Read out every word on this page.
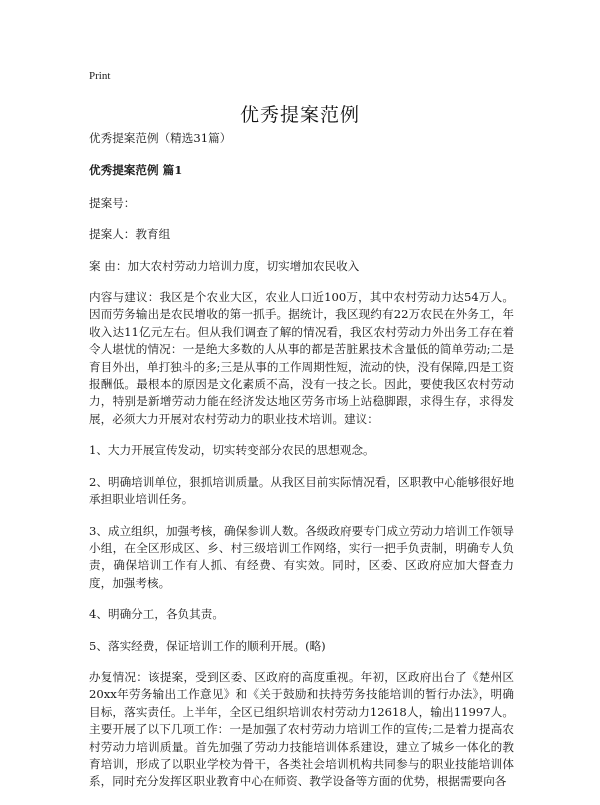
Print
优秀提案范例

优秀提案范例（精选31篇）

优秀提案范例 篇1

提案号：

提案人：教育组

案 由：加大农村劳动力培训力度，切实增加农民收入

内容与建议：我区是个农业大区，农业人口近100万，其中农村劳动力达54万人。因而劳务输出是农民增收的第一抓手。据统计，我区现约有22万农民在外务工，年收入达11亿元左右。但从我们调查了解的情况看，我区农村劳动力外出务工存在着令人堪忧的情况：一是绝大多数的人从事的都是苦脏累技术含量低的简单劳动;二是育目外出，单打独斗的多;三是从事的工作周期性短，流动的快，没有保障,四是工资报酬低。最根本的原因是文化素质不高，没有一技之长。因此，要使我区农村劳动力，特别是新增劳动力能在经济发达地区劳务市场上站稳脚跟，求得生存，求得发展，必须大力开展对农村劳动力的职业技术培训。建议：

1、大力开展宣传发动，切实转变部分农民的思想观念。

2、明确培训单位，狠抓培训质量。从我区目前实际情况看，区职教中心能够很好地承担职业培训任务。

3、成立组织，加强考核，确保参训人数。各级政府要专门成立劳动力培训工作领导小组，在全区形成区、乡、村三级培训工作网络，实行一把手负责制，明确专人负责，确保培训工作有人抓、有经费、有实效。同时，区委、区政府应加大督查力度，加强考核。

4、明确分工，各负其责。

5、落实经费，保证培训工作的顺利开展。(略)

办复情况：该提案，受到区委、区政府的高度重视。年初，区政府出台了《楚州区20xx年劳务输出工作意见》和《关于鼓励和扶持劳务技能培训的暂行办法》，明确目标，落实责任。上半年，全区已组织培训农村劳动力12618人，输出11997人。主要开展了以下几项工作：一是加强了农村劳动力培训工作的宣传;二是着力提高农村劳动力培训质量。首先加强了劳动力技能培训体系建设，建立了城乡一体化的教育培训，形成了以职业学校为骨干，各类社会培训机构共同参与的职业技能培训体系，同时充分发挥区职业教育中心在师资、教学设备等方面的优势，根据需要向各
